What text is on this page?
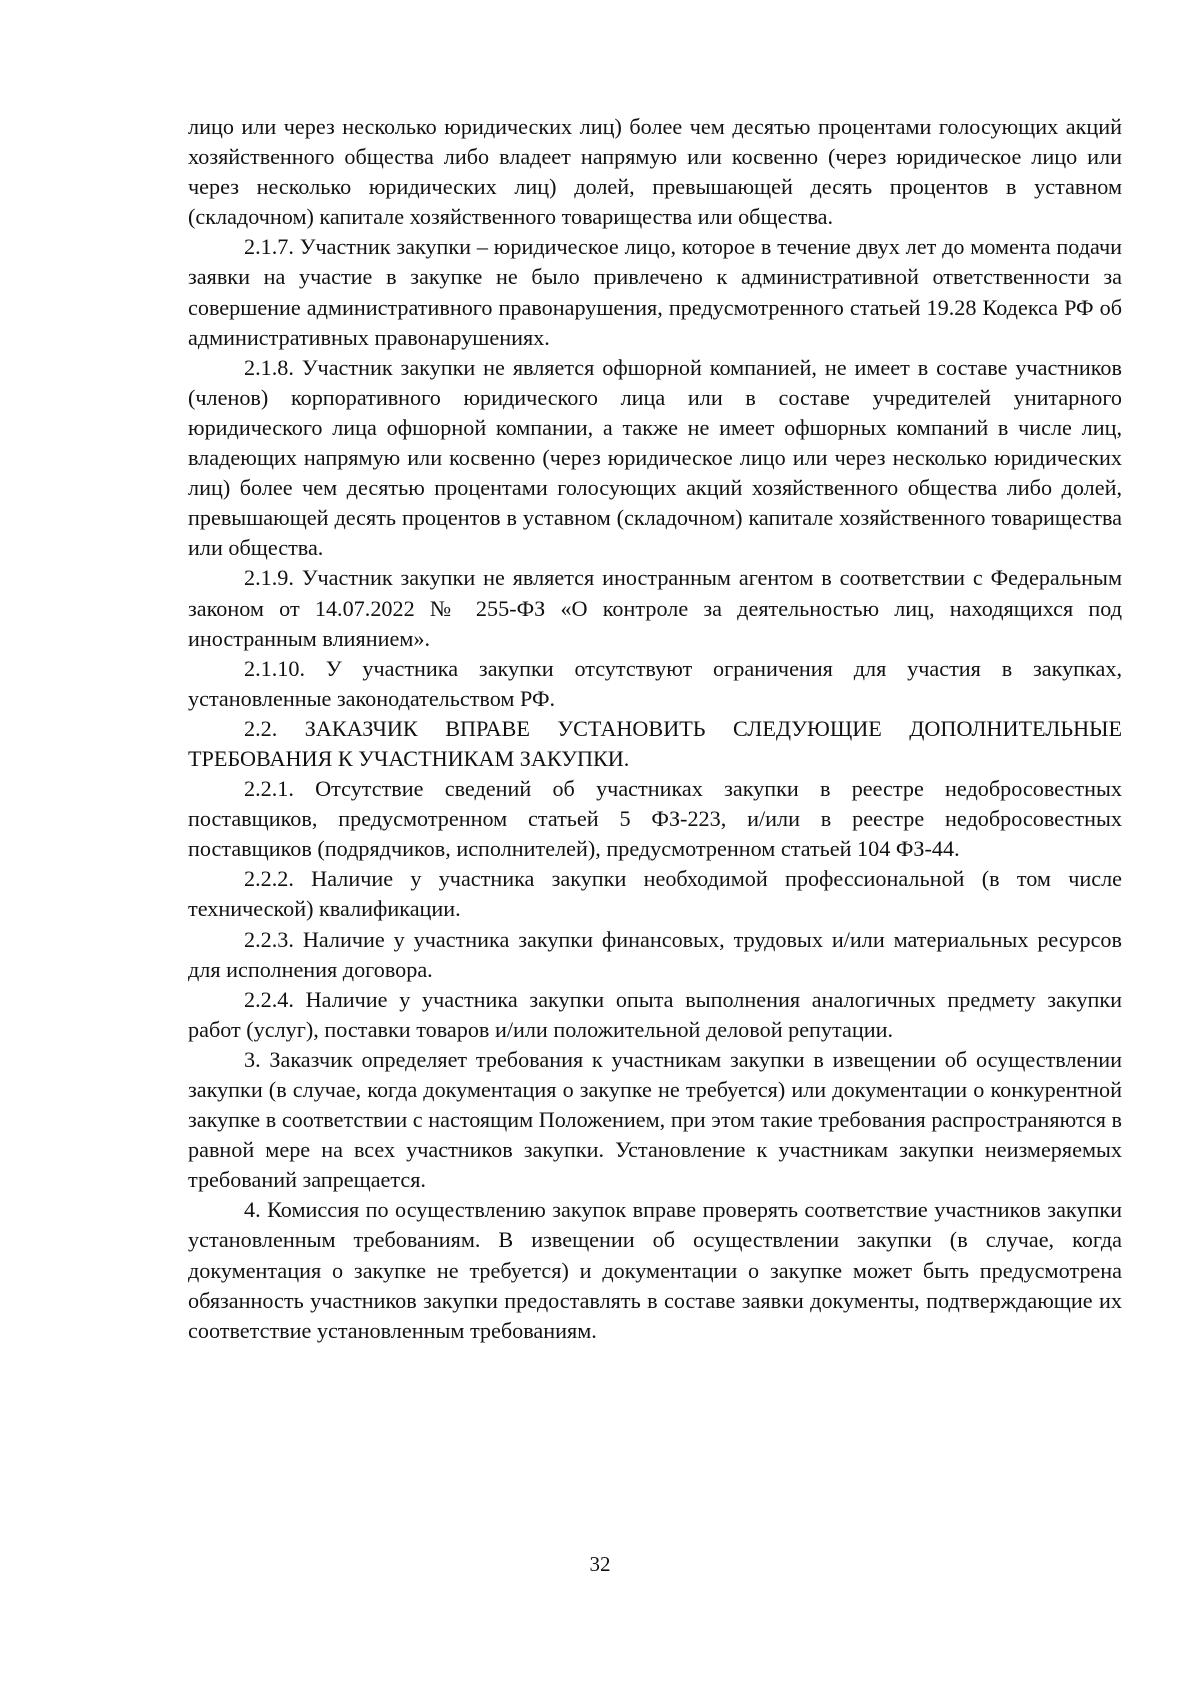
лицо или через несколько юридических лиц) более чем десятью процентами голосующих акций хозяйственного общества либо владеет напрямую или косвенно (через юридическое лицо или через несколько юридических лиц) долей, превышающей десять процентов в уставном (складочном) капитале хозяйственного товарищества или общества.

2.1.7. Участник закупки – юридическое лицо, которое в течение двух лет до момента подачи заявки на участие в закупке не было привлечено к административной ответственности за совершение административного правонарушения, предусмотренного статьей 19.28 Кодекса РФ об административных правонарушениях.

2.1.8. Участник закупки не является офшорной компанией, не имеет в составе участников (членов) корпоративного юридического лица или в составе учредителей унитарного юридического лица офшорной компании, а также не имеет офшорных компаний в числе лиц, владеющих напрямую или косвенно (через юридическое лицо или через несколько юридических лиц) более чем десятью процентами голосующих акций хозяйственного общества либо долей, превышающей десять процентов в уставном (складочном) капитале хозяйственного товарищества или общества.

2.1.9. Участник закупки не является иностранным агентом в соответствии с Федеральным законом от 14.07.2022 № 255-ФЗ «О контроле за деятельностью лиц, находящихся под иностранным влиянием».

2.1.10. У участника закупки отсутствуют ограничения для участия в закупках, установленные законодательством РФ.

2.2. ЗАКАЗЧИК ВПРАВЕ УСТАНОВИТЬ СЛЕДУЮЩИЕ ДОПОЛНИТЕЛЬНЫЕ ТРЕБОВАНИЯ К УЧАСТНИКАМ ЗАКУПКИ.

2.2.1. Отсутствие сведений об участниках закупки в реестре недобросовестных поставщиков, предусмотренном статьей 5 ФЗ-223, и/или в реестре недобросовестных поставщиков (подрядчиков, исполнителей), предусмотренном статьей 104 ФЗ-44.

2.2.2. Наличие у участника закупки необходимой профессиональной (в том числе технической) квалификации.

2.2.3. Наличие у участника закупки финансовых, трудовых и/или материальных ресурсов для исполнения договора.

2.2.4. Наличие у участника закупки опыта выполнения аналогичных предмету закупки работ (услуг), поставки товаров и/или положительной деловой репутации.

3. Заказчик определяет требования к участникам закупки в извещении об осуществлении закупки (в случае, когда документация о закупке не требуется) или документации о конкурентной закупке в соответствии с настоящим Положением, при этом такие требования распространяются в равной мере на всех участников закупки. Установление к участникам закупки неизмеряемых требований запрещается.

4. Комиссия по осуществлению закупок вправе проверять соответствие участников закупки установленным требованиям. В извещении об осуществлении закупки (в случае, когда документация о закупке не требуется) и документации о закупке может быть предусмотрена обязанность участников закупки предоставлять в составе заявки документы, подтверждающие их соответствие установленным требованиям.

32
